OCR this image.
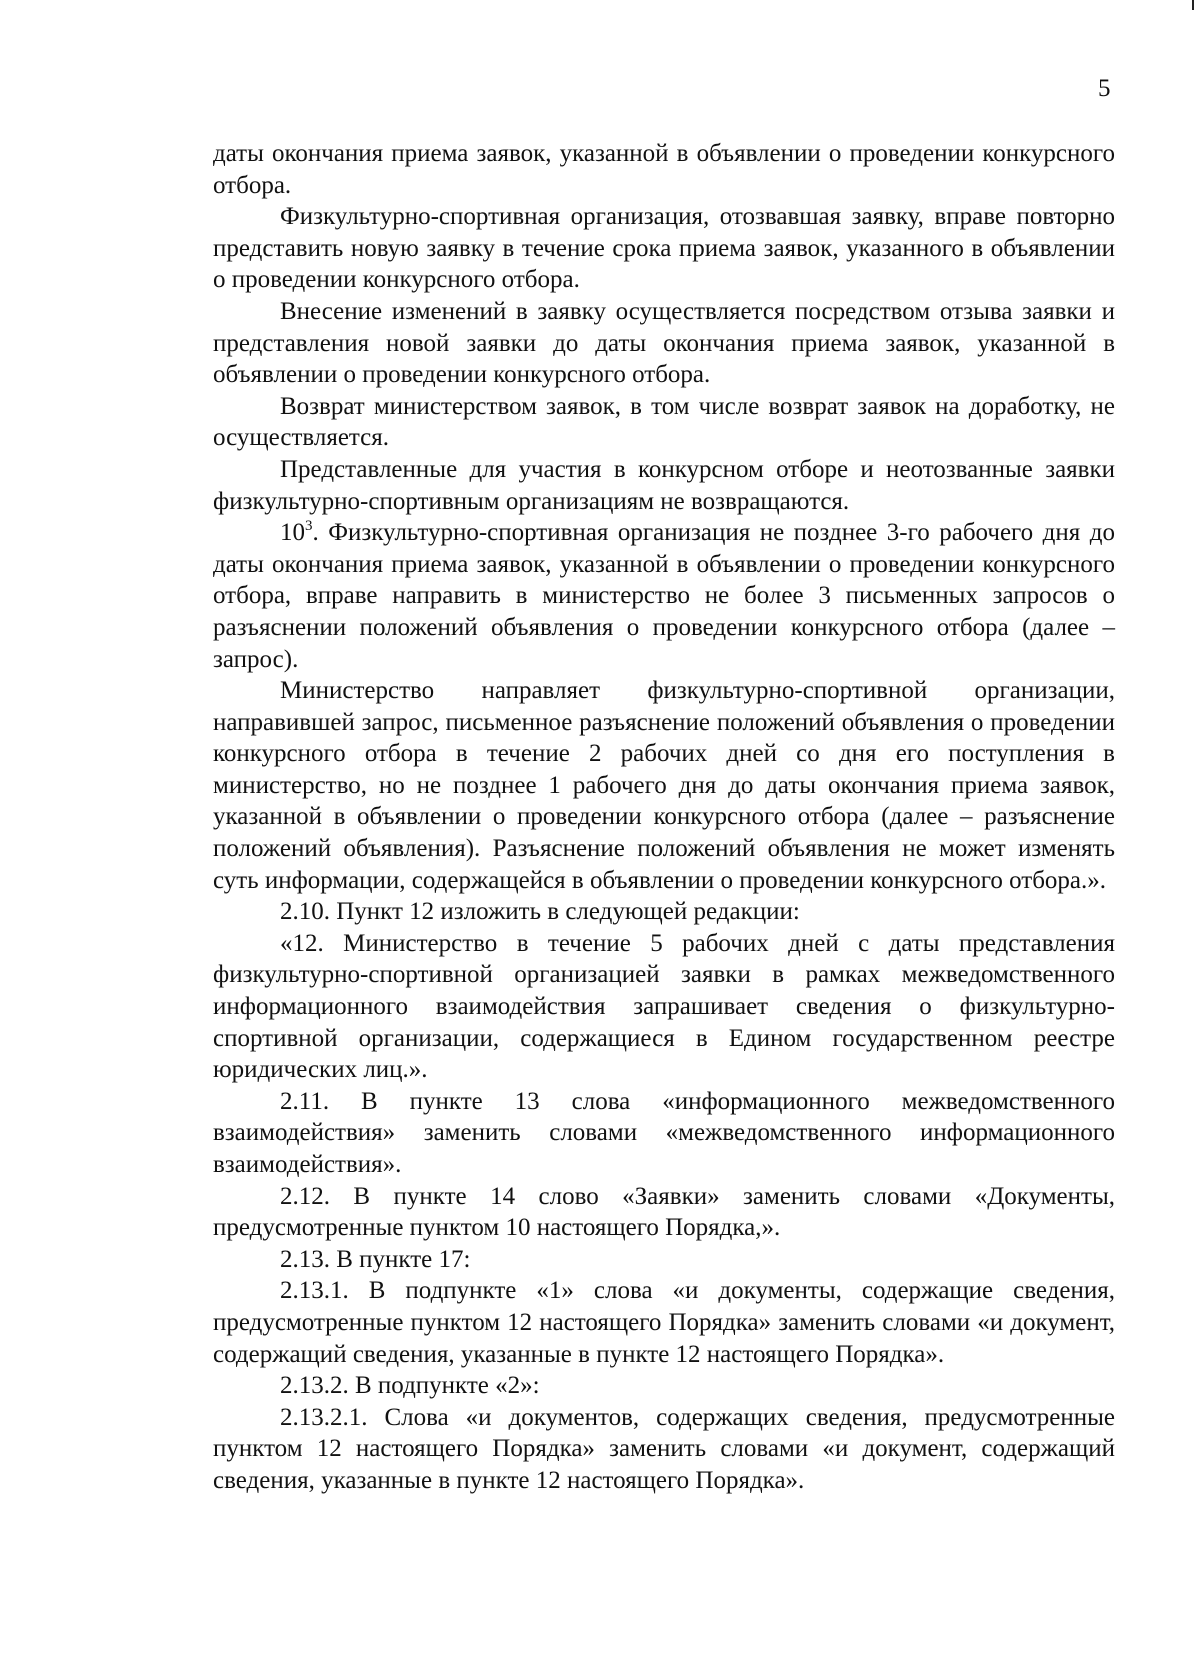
5

даты окончания приема заявок, указанной в объявлении о проведении конкурсного отбора.

Физкультурно-спортивная организация, отозвавшая заявку, вправе повторно представить новую заявку в течение срока приема заявок, указанного в объявлении о проведении конкурсного отбора.

Внесение изменений в заявку осуществляется посредством отзыва заявки и представления новой заявки до даты окончания приема заявок, указанной в объявлении о проведении конкурсного отбора.

Возврат министерством заявок, в том числе возврат заявок на доработку, не осуществляется.

Представленные для участия в конкурсном отборе и неотозванные заявки физкультурно-спортивным организациям не возвращаются.

$10^3$. Физкультурно-спортивная организация не позднее 3-го рабочего дня до даты окончания приема заявок, указанной в объявлении о проведении конкурсного отбора, вправе направить в министерство не более 3 письменных запросов о разъяснении положений объявления о проведении конкурсного отбора (далее – запрос).

Министерство направляет физкультурно-спортивной организации, направившей запрос, письменное разъяснение положений объявления о проведении конкурсного отбора в течение 2 рабочих дней со дня его поступления в министерство, но не позднее 1 рабочего дня до даты окончания приема заявок, указанной в объявлении о проведении конкурсного отбора (далее – разъяснение положений объявления). Разъяснение положений объявления не может изменять суть информации, содержащейся в объявлении о проведении конкурсного отбора.».

2.10. Пункт 12 изложить в следующей редакции:

«12. Министерство в течение 5 рабочих дней с даты представления физкультурно-спортивной организацией заявки в рамках межведомственного информационного взаимодействия запрашивает сведения о физкультурно-спортивной организации, содержащиеся в Едином государственном реестре юридических лиц.».

2.11. В пункте 13 слова «информационного межведомственного взаимодействия» заменить словами «межведомственного информационного взаимодействия».

2.12. В пункте 14 слово «Заявки» заменить словами «Документы, предусмотренные пунктом 10 настоящего Порядка,».

2.13. В пункте 17:

2.13.1. В подпункте «1» слова «и документы, содержащие сведения, предусмотренные пунктом 12 настоящего Порядка» заменить словами «и документ, содержащий сведения, указанные в пункте 12 настоящего Порядка».

2.13.2. В подпункте «2»:

2.13.2.1. Слова «и документов, содержащих сведения, предусмотренные пунктом 12 настоящего Порядка» заменить словами «и документ, содержащий сведения, указанные в пункте 12 настоящего Порядка».
